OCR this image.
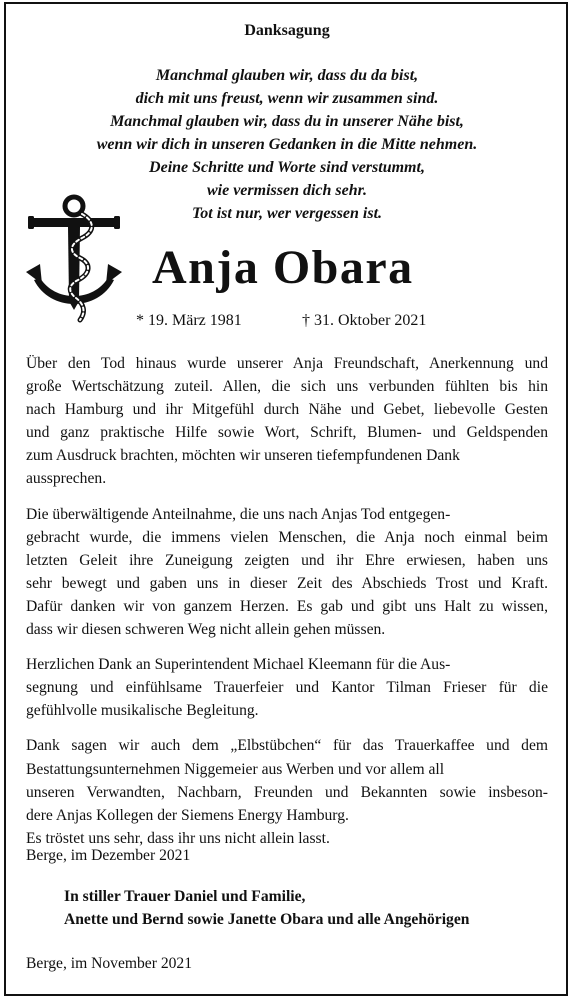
Danksagung
Manchmal glauben wir, dass du da bist,
dich mit uns freust, wenn wir zusammen sind.
Manchmal glauben wir, dass du in unserer Nähe bist,
wenn wir dich in unseren Gedanken in die Mitte nehmen.
Deine Schritte und Worte sind verstummt,
wie vermissen dich sehr.
Tot ist nur, wer vergessen ist.
Anja Obara
* 19. März 1981	† 31. Oktober 2021

Über den Tod hinaus wurde unserer Anja Freundschaft, Anerkennung und
große Wertschätzung zuteil. Allen, die sich uns verbunden fühlten bis hin
nach Hamburg und ihr Mitgefühl durch Nähe und Gebet, liebevolle Gesten
und ganz praktische Hilfe sowie Wort, Schrift, Blumen- und Geldspenden
zum Ausdruck brachten, möchten wir unseren tiefempfundenen Dank
aussprechen.

Die überwältigende Anteilnahme, die uns nach Anjas Tod entgegen-
gebracht wurde, die immens vielen Menschen, die Anja noch einmal beim
letzten Geleit ihre Zuneigung zeigten und ihr Ehre erwiesen, haben uns
sehr bewegt und gaben uns in dieser Zeit des Abschieds Trost und Kraft.
Dafür danken wir von ganzem Herzen. Es gab und gibt uns Halt zu wissen,
dass wir diesen schweren Weg nicht allein gehen müssen.

Herzlichen Dank an Superintendent Michael Kleemann für die Aus-
segnung und einfühlsame Trauerfeier und Kantor Tilman Frieser für die
gefühlvolle musikalische Begleitung.

Dank sagen wir auch dem „Elbstübchen“ für das Trauerkaffee und dem
Bestattungsunternehmen Niggemeier aus Werben und vor allem all
unseren Verwandten, Nachbarn, Freunden und Bekannten sowie insbeson-
dere Anjas Kollegen der Siemens Energy Hamburg.
Es tröstet uns sehr, dass ihr uns nicht allein lasst.

Berge, im Dezember 2021
In stiller Trauer Daniel und Familie,
Anette und Bernd sowie Janette Obara und alle Angehörigen
Berge, im November 2021
